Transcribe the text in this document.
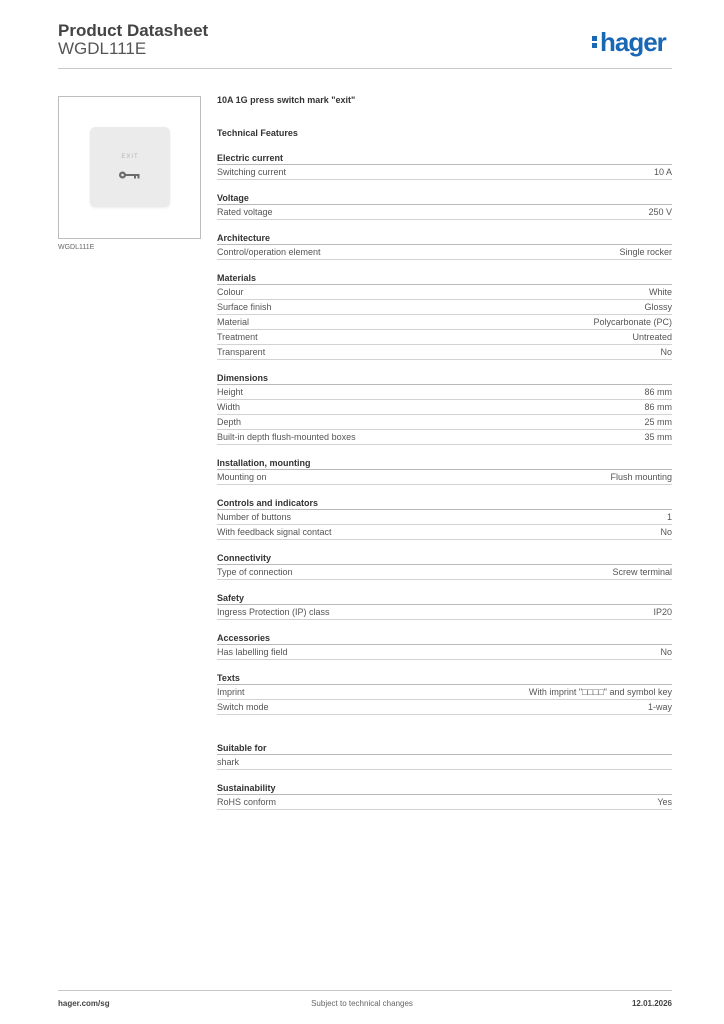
Product Datasheet
WGDL111E	hager
EXIT
WGDL111E
10A 1G press switch mark "exit"
Technical Features
Electric current
Switching current	10 A
Voltage
Rated voltage	250 V
Architecture
Control/operation element	Single rocker
Materials
Colour	White
Surface finish	Glossy
Material	Polycarbonate (PC)
Treatment	Untreated
Transparent	No
Dimensions
Height	86 mm
Width	86 mm
Depth	25 mm
Built-in depth flush-mounted boxes	35 mm
Installation, mounting
Mounting on	Flush mounting
Controls and indicators
Number of buttons	1
With feedback signal contact	No
Connectivity
Type of connection	Screw terminal
Safety
Ingress Protection (IP) class	IP20
Accessories
Has labelling field	No
Texts
Imprint	With imprint "□□□□" and symbol key
Switch mode	1-way
Suitable for
shark
Sustainability
RoHS conform	Yes
hager.com/sg	Subject to technical changes	12.01.2026
